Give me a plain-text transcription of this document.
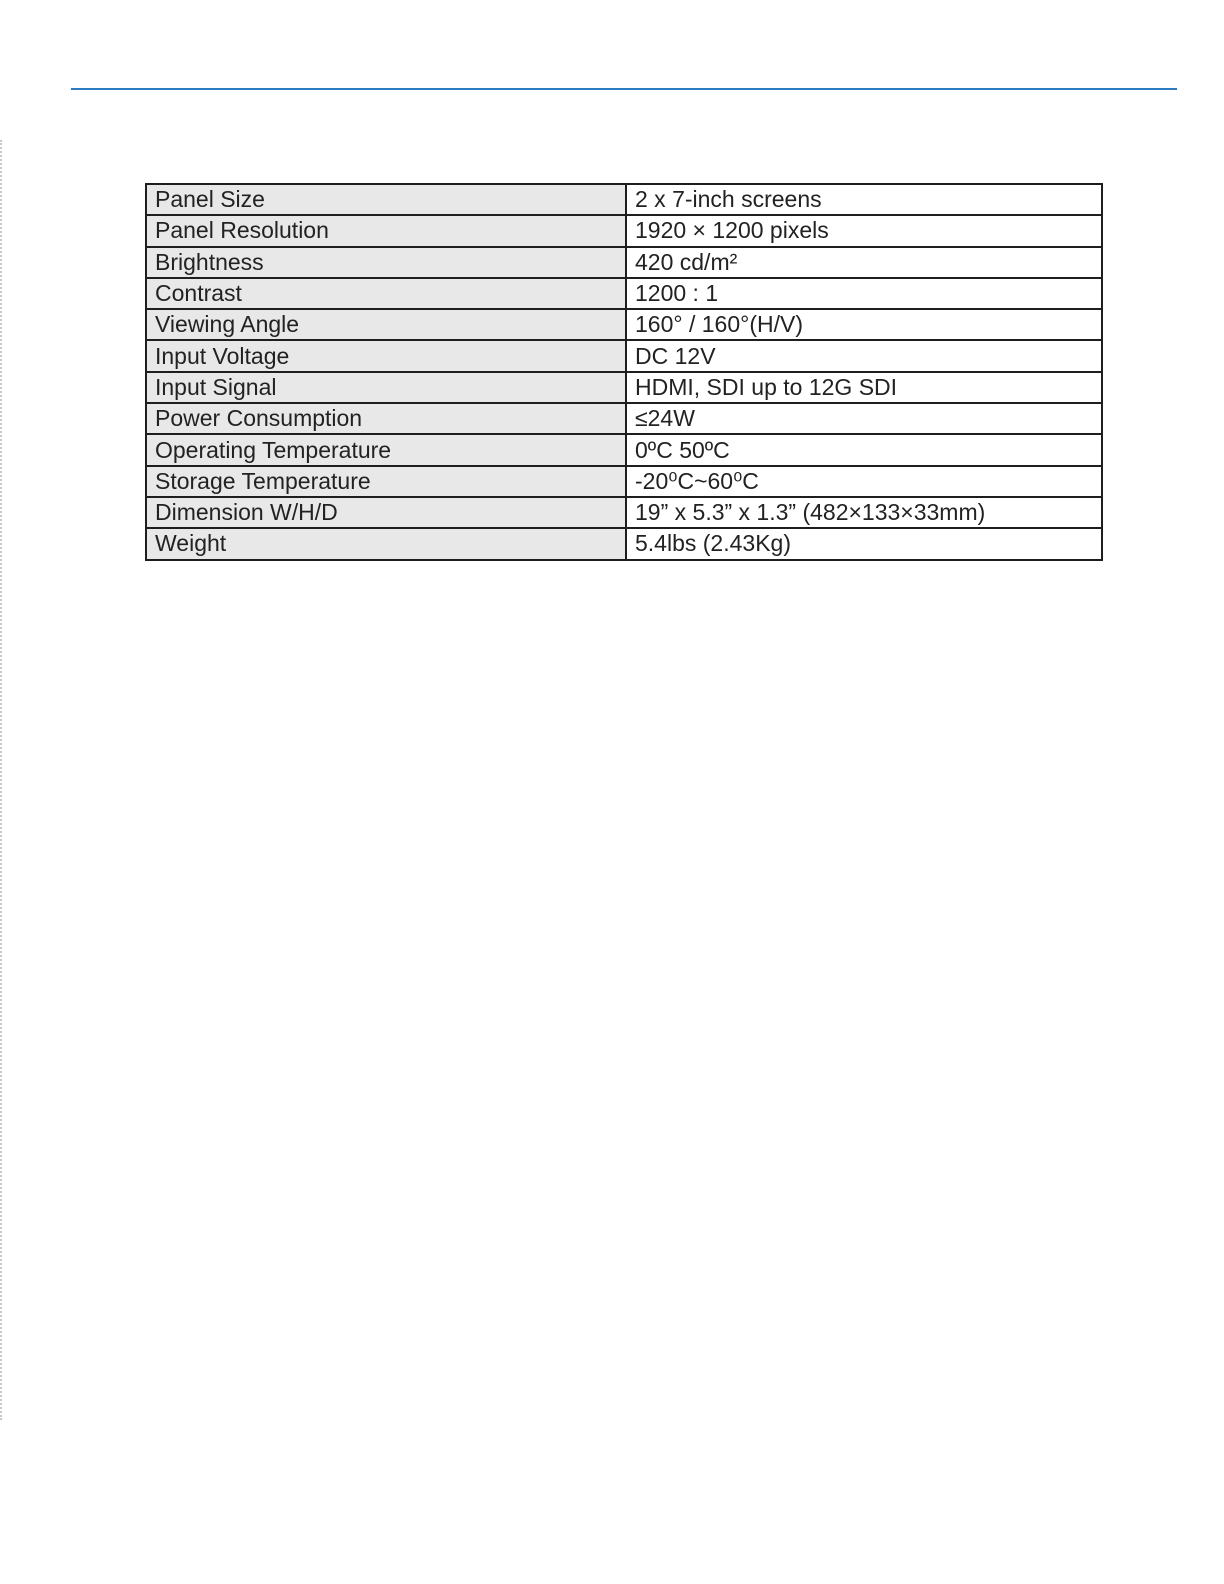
Panel Size	2 x 7-inch screens
Panel Resolution	1920 × 1200 pixels
Brightness	420 cd/m²
Contrast	1200 : 1
Viewing Angle	160° / 160°(H/V)
Input Voltage	DC 12V
Input Signal	HDMI, SDI up to 12G SDI
Power Consumption	≤24W
Operating Temperature	0ºC 50ºC
Storage Temperature	-20⁰C~60⁰C
Dimension W/H/D	19” x 5.3” x 1.3” (482×133×33mm)
Weight	5.4lbs (2.43Kg)
